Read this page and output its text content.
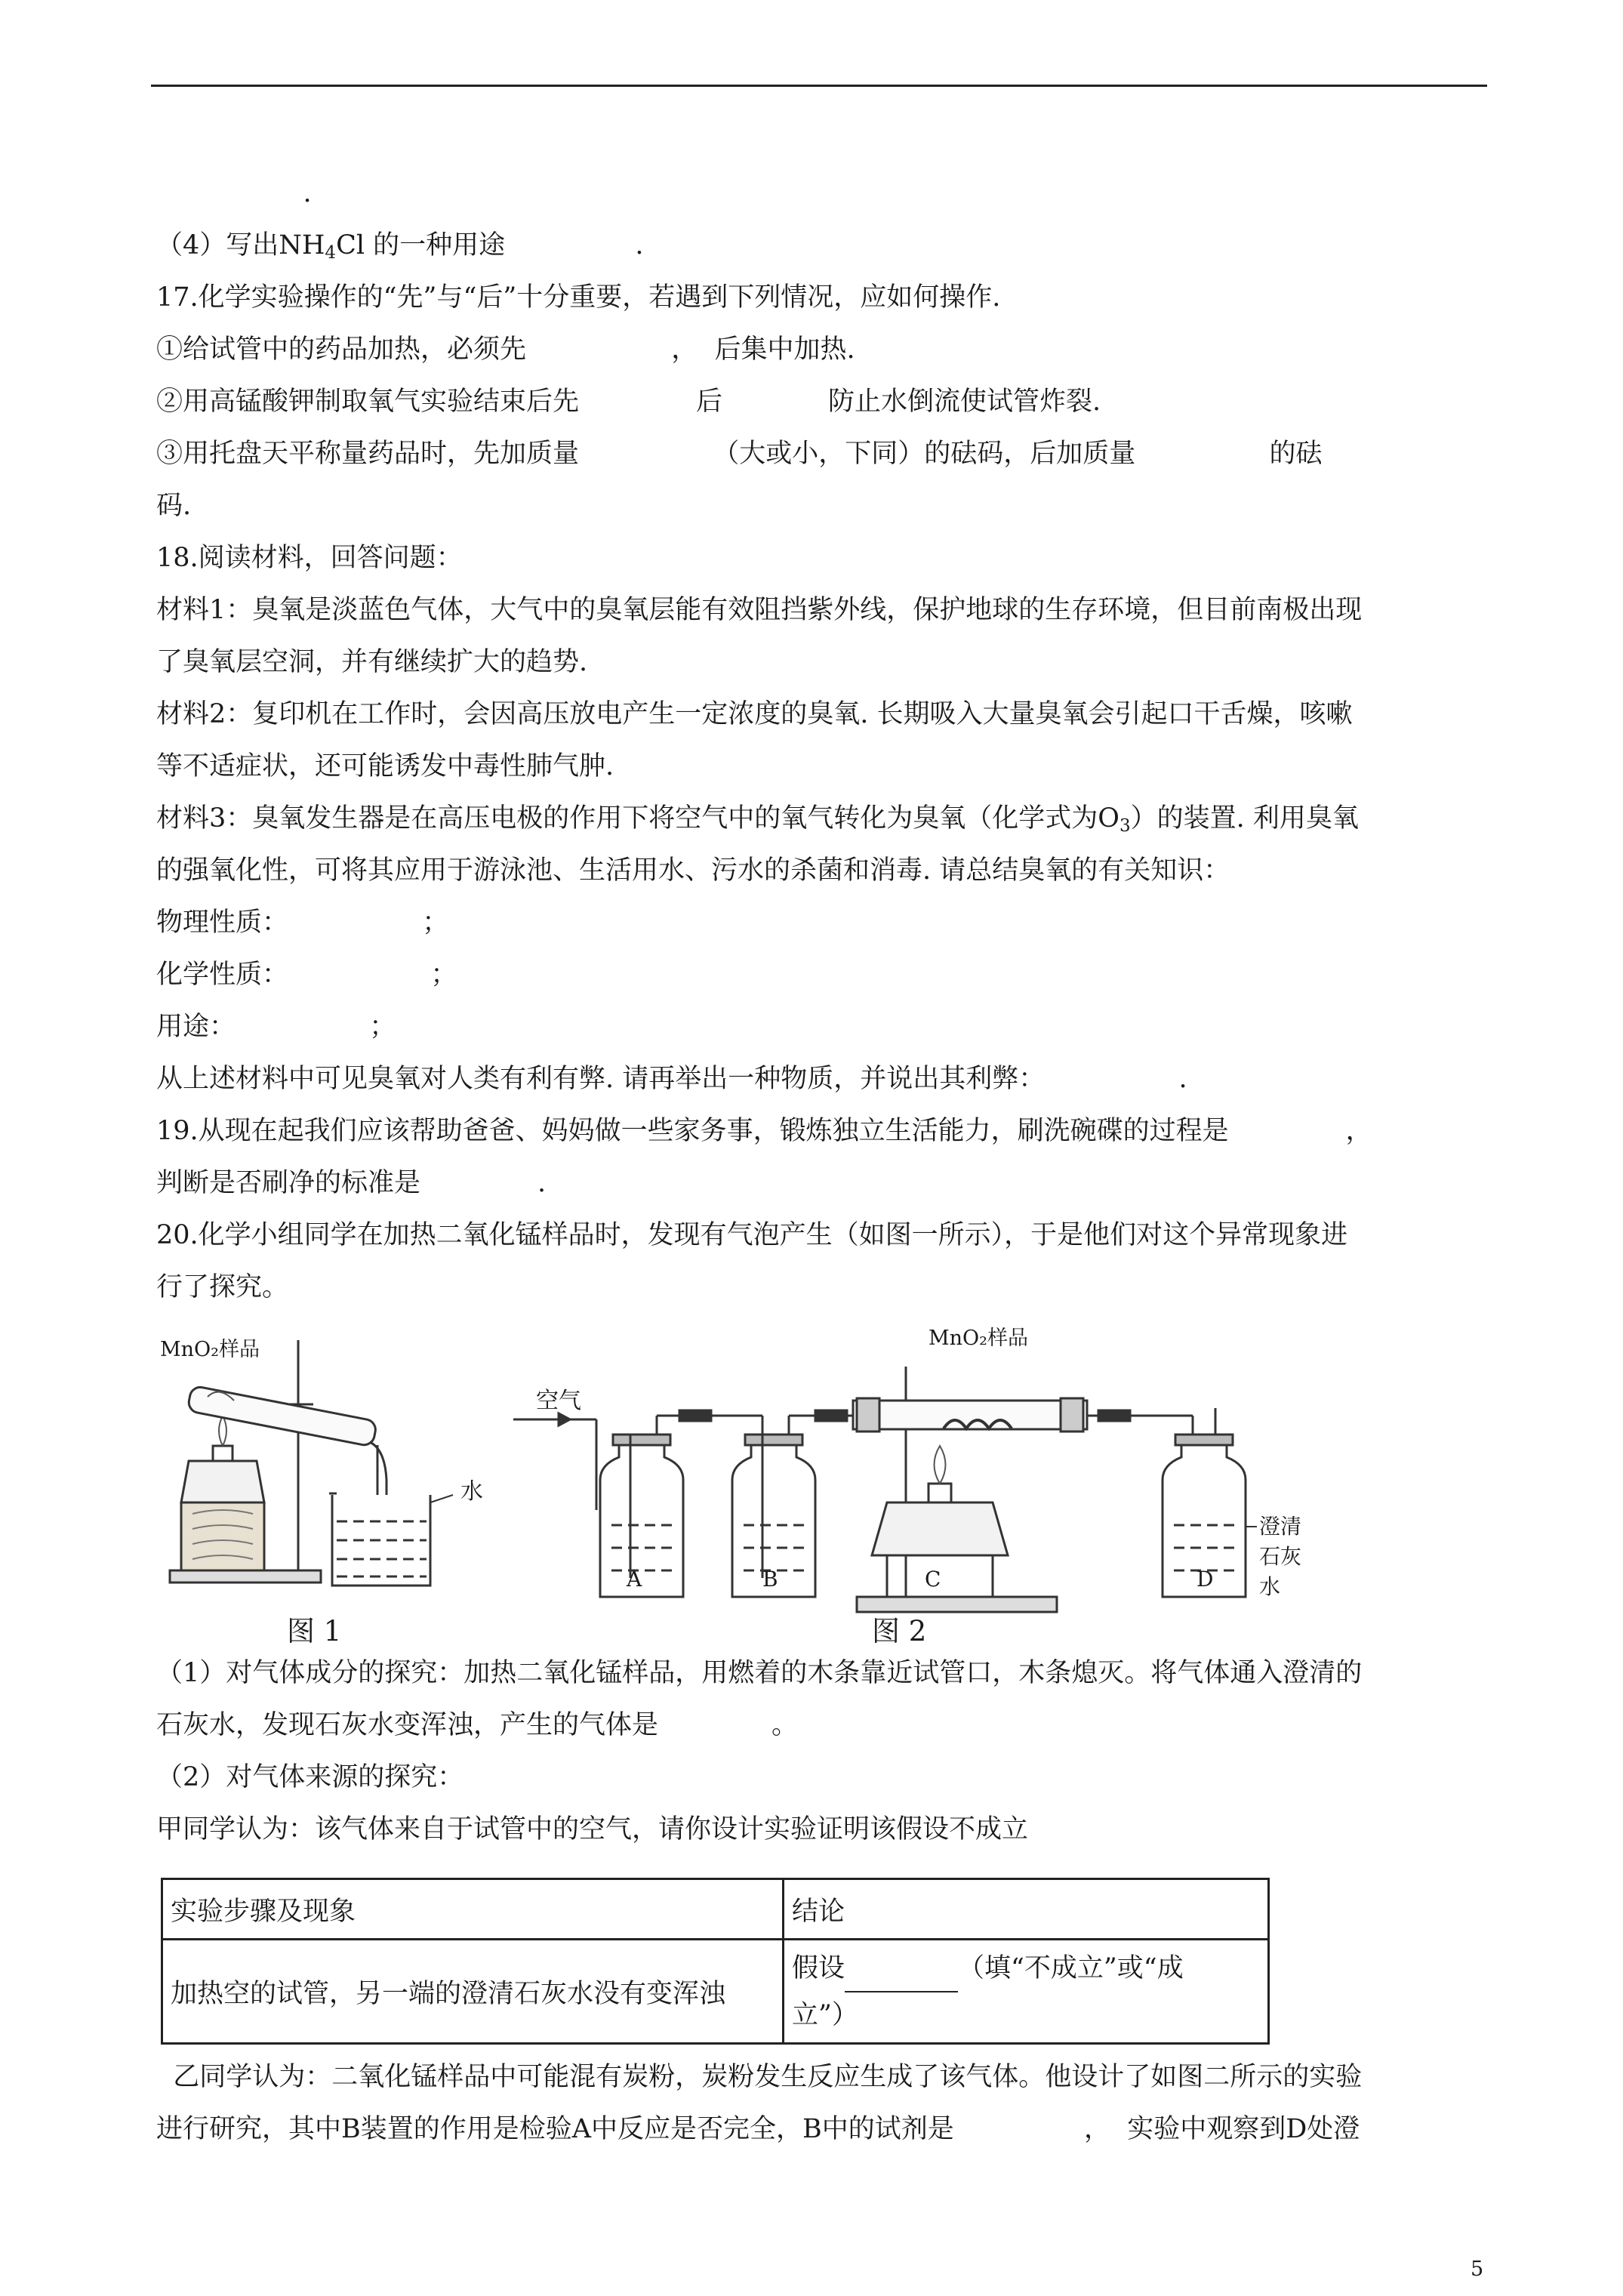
.
（4）写出$NH_4Cl$ 的一种用途	.
17.化学实验操作的“先”与“后”十分重要，若遇到下列情况，应如何操作.
①给试管中的药品加热，必须先	，  后集中加热.
②用高锰酸钾制取氧气实验结束后先	后	防止水倒流使试管炸裂.
③用托盘天平称量药品时，先加质量	（大或小，下同）的砝码，后加质量	的砝
码.
18.阅读材料，回答问题：
材料1：臭氧是淡蓝色气体，大气中的臭氧层能有效阻挡紫外线，保护地球的生存环境，但目前南极出现
了臭氧层空洞，并有继续扩大的趋势.
材料2：复印机在工作时，会因高压放电产生一定浓度的臭氧. 长期吸入大量臭氧会引起口干舌燥，咳嗽
等不适症状，还可能诱发中毒性肺气肿.
材料3：臭氧发生器是在高压电极的作用下将空气中的氧气转化为臭氧（化学式为$O_3$）的装置. 利用臭氧
的强氧化性，可将其应用于游泳池、生活用水、污水的杀菌和消毒. 请总结臭氧的有关知识：
物理性质：	；
化学性质：	；
用途：	；
从上述材料中可见臭氧对人类有利有弊. 请再举出一种物质，并说出其利弊：	.
19.从现在起我们应该帮助爸爸、妈妈做一些家务事，锻炼独立生活能力，刷洗碗碟的过程是	，
判断是否刷净的标准是	.
20.化学小组同学在加热二氧化锰样品时，发现有气泡产生（如图一所示），于是他们对这个异常现象进
行了探究。
MnO₂样品
水
图 1
空气
MnO₂样品
澄清石灰水
A	B	C	D
图 2
（1）对气体成分的探究：加热二氧化锰样品，用燃着的木条靠近试管口，木条熄灭。将气体通入澄清的
石灰水，发现石灰水变浑浊，产生的气体是	。
（2）对气体来源的探究：
甲同学认为：该气体来自于试管中的空气，请你设计实验证明该假设不成立
实验步骤及现象	结论
加热空的试管，另一端的澄清石灰水没有变浑浊	假设 （填“不成立”或“成
立”）
乙同学认为：二氧化锰样品中可能混有炭粉，炭粉发生反应生成了该气体。他设计了如图二所示的实验
进行研究，其中B装置的作用是检验A中反应是否完全，B中的试剂是	，  实验中观察到D处澄
5
